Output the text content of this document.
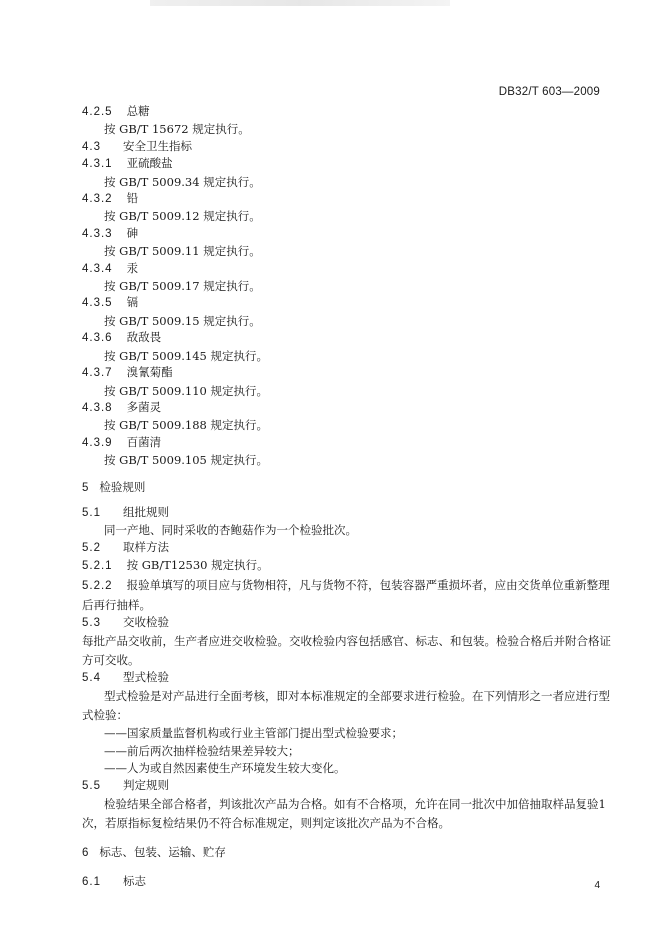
DB32/T 603—2009
4.2.5 总糖
按 GB/T 15672 规定执行。
4.3 安全卫生指标
4.3.1 亚硫酸盐
按 GB/T 5009.34 规定执行。
4.3.2 铅
按 GB/T 5009.12 规定执行。
4.3.3 砷
按 GB/T 5009.11 规定执行。
4.3.4 汞
按 GB/T 5009.17 规定执行。
4.3.5 镉
按 GB/T 5009.15 规定执行。
4.3.6 敌敌畏
按 GB/T 5009.145 规定执行。
4.3.7 溴氰菊酯
按 GB/T 5009.110 规定执行。
4.3.8 多菌灵
按 GB/T 5009.188 规定执行。
4.3.9 百菌清
按 GB/T 5009.105 规定执行。
5 检验规则
5.1 组批规则
同一产地、同时采收的杏鲍菇作为一个检验批次。
5.2 取样方法
5.2.1 按 GB/T12530 规定执行。
5.2.2 报验单填写的项目应与货物相符，凡与货物不符，包装容器严重损坏者，应由交货单位重新整理后再行抽样。
5.3 交收检验
每批产品交收前，生产者应进交收检验。交收检验内容包括感官、标志、和包装。检验合格后并附合格证方可交收。
5.4 型式检验
型式检验是对产品进行全面考核，即对本标准规定的全部要求进行检验。在下列情形之一者应进行型式检验：
——国家质量监督机构或行业主管部门提出型式检验要求；
——前后两次抽样检验结果差异较大；
——人为或自然因素使生产环境发生较大变化。
5.5 判定规则
检验结果全部合格者，判该批次产品为合格。如有不合格项，允许在同一批次中加倍抽取样品复验1次，若原指标复检结果仍不符合标准规定，则判定该批次产品为不合格。
6 标志、包装、运输、贮存
6.1 标志	4
